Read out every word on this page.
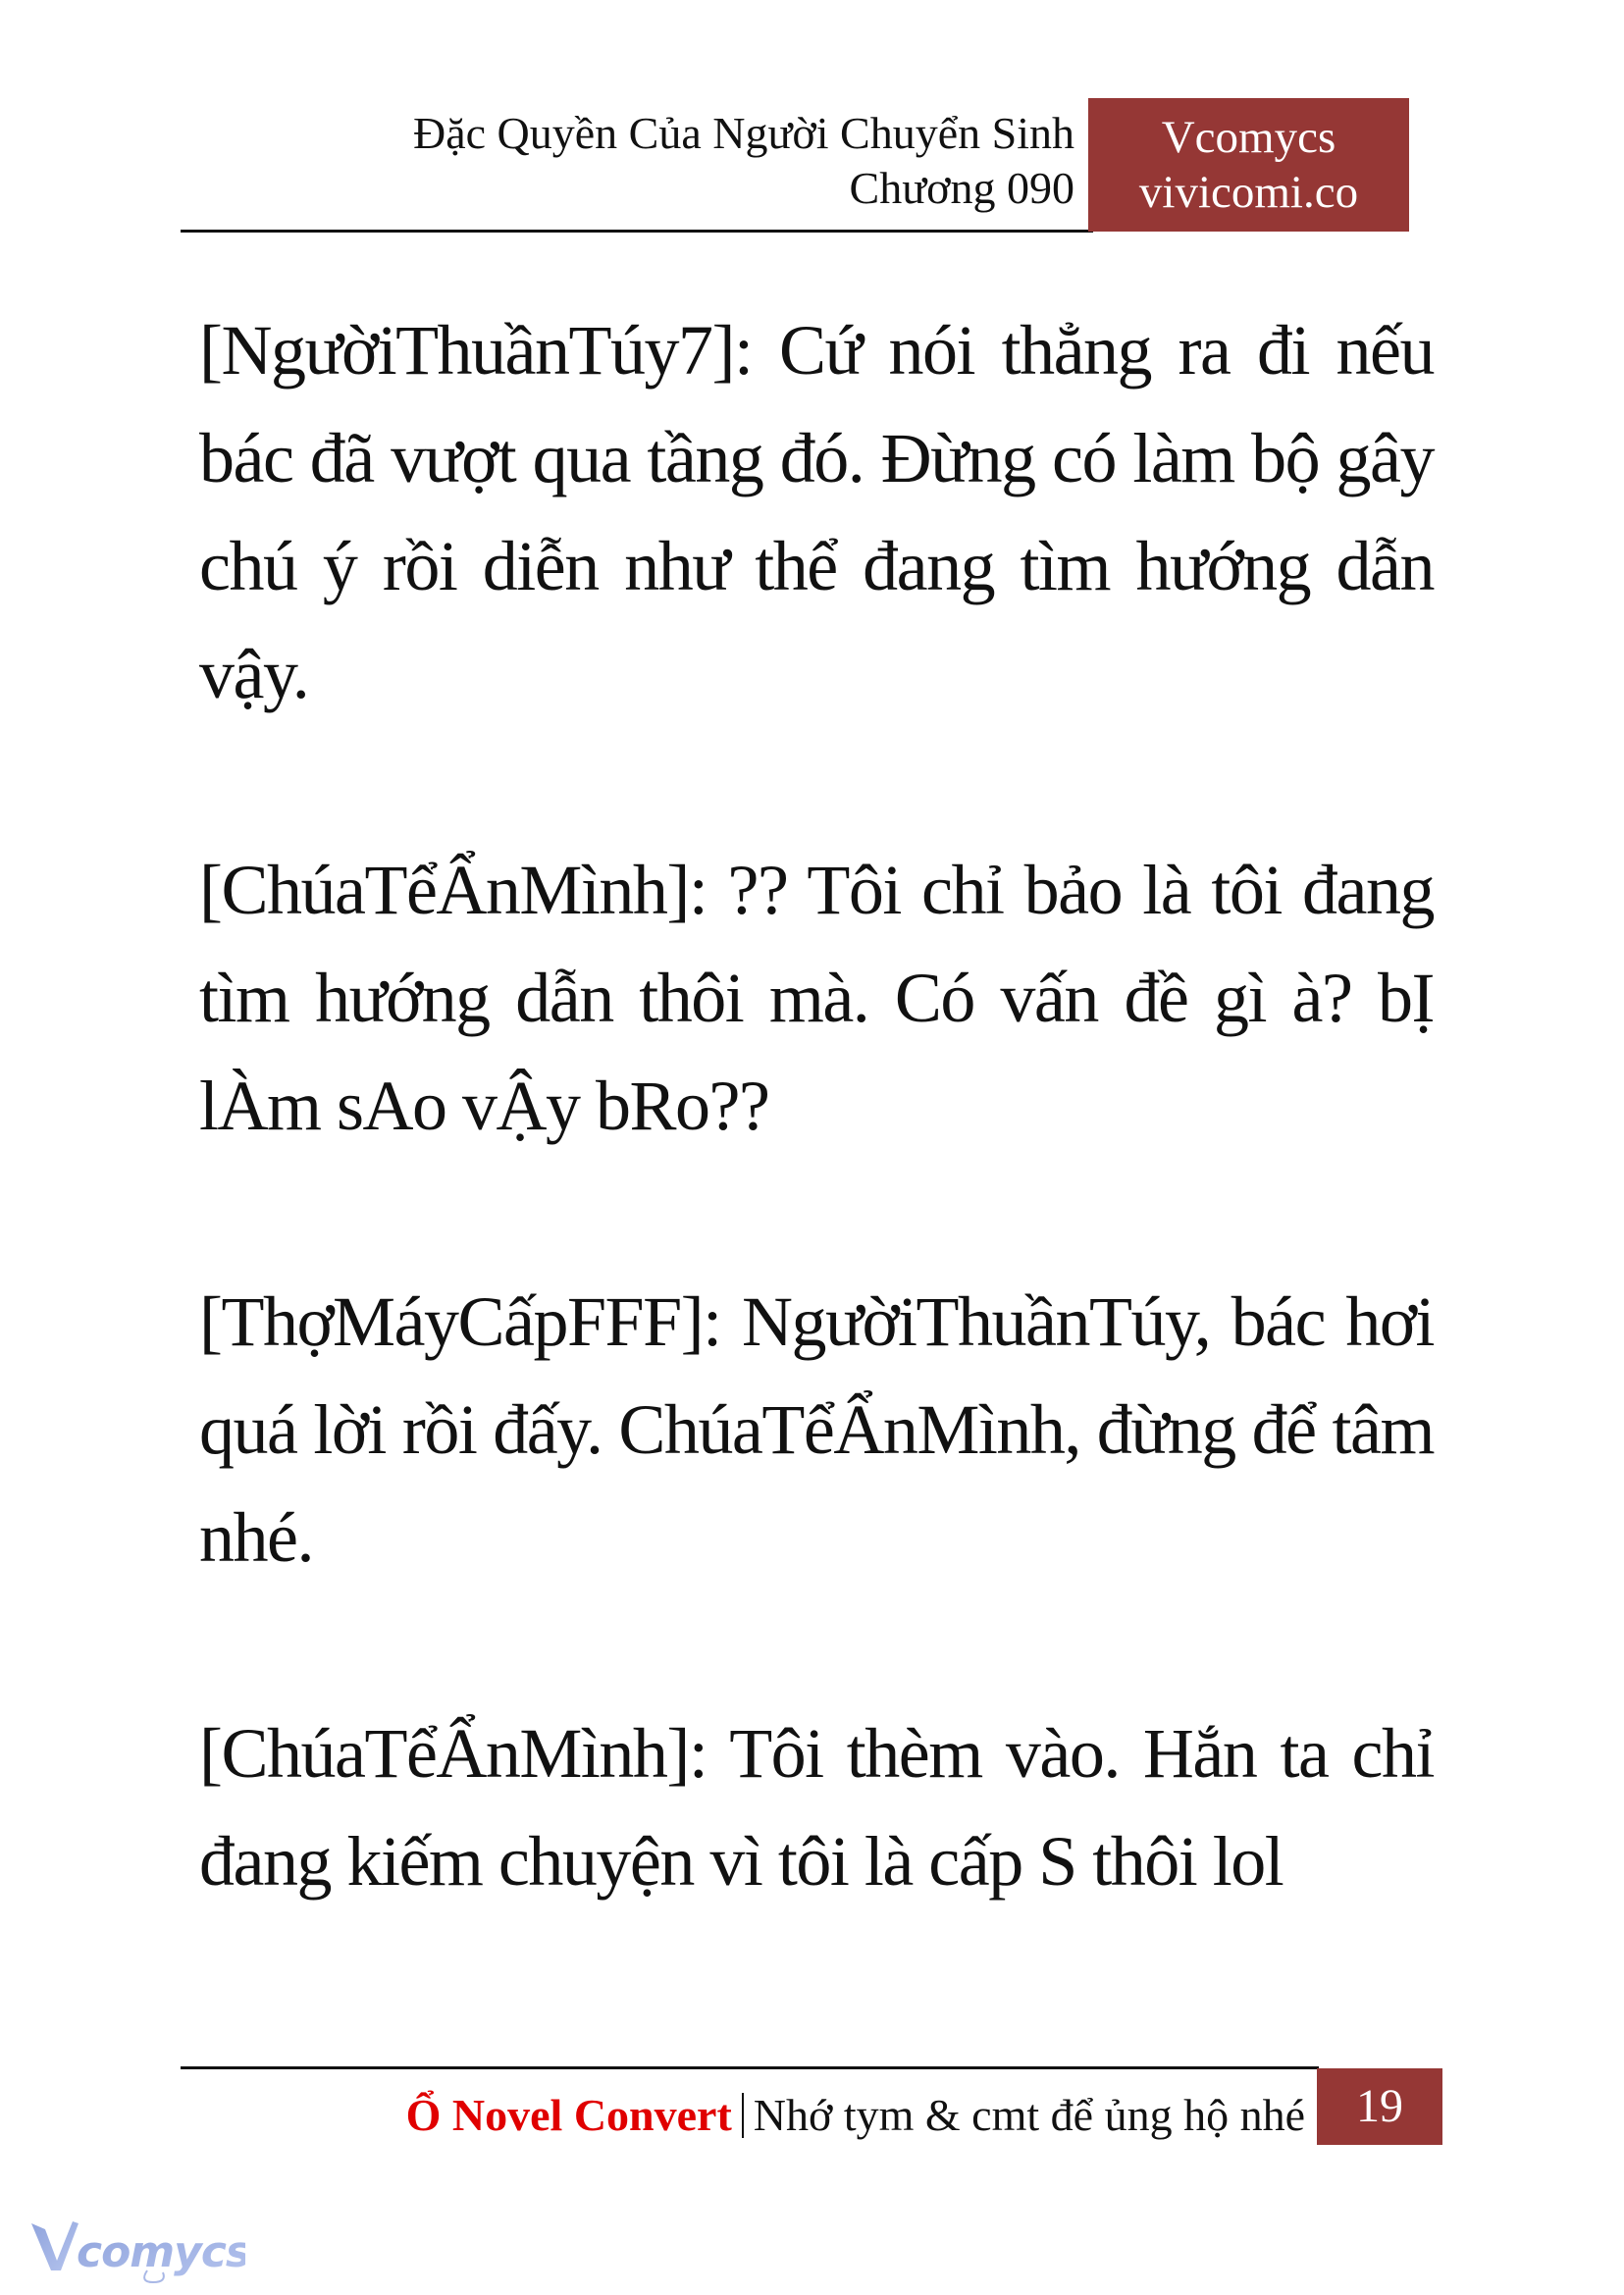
Đặc Quyền Của Người Chuyển Sinh
Chương 090
Vcomycs
vivicomi.co

[NgườiThuầnTúy7]: Cứ nói thẳng ra đi nếu bác đã vượt qua tầng đó. Đừng có làm bộ gây chú ý rồi diễn như thể đang tìm hướng dẫn vậy.

[ChúaTểẨnMình]: ?? Tôi chỉ bảo là tôi đang tìm hướng dẫn thôi mà. Có vấn đề gì à? bỊ lÀm sAo vẬy bRo??

[ThợMáyCấpFFF]: NgườiThuầnTúy, bác hơi quá lời rồi đấy. ChúaTểẨnMình, đừng để tâm nhé.

[ChúaTểẨnMình]: Tôi thèm vào. Hắn ta chỉ đang kiếm chuyện vì tôi là cấp S thôi lol

Ổ Novel Convert Nhớ tym & cmt để ủng hộ nhé	19
comycs
